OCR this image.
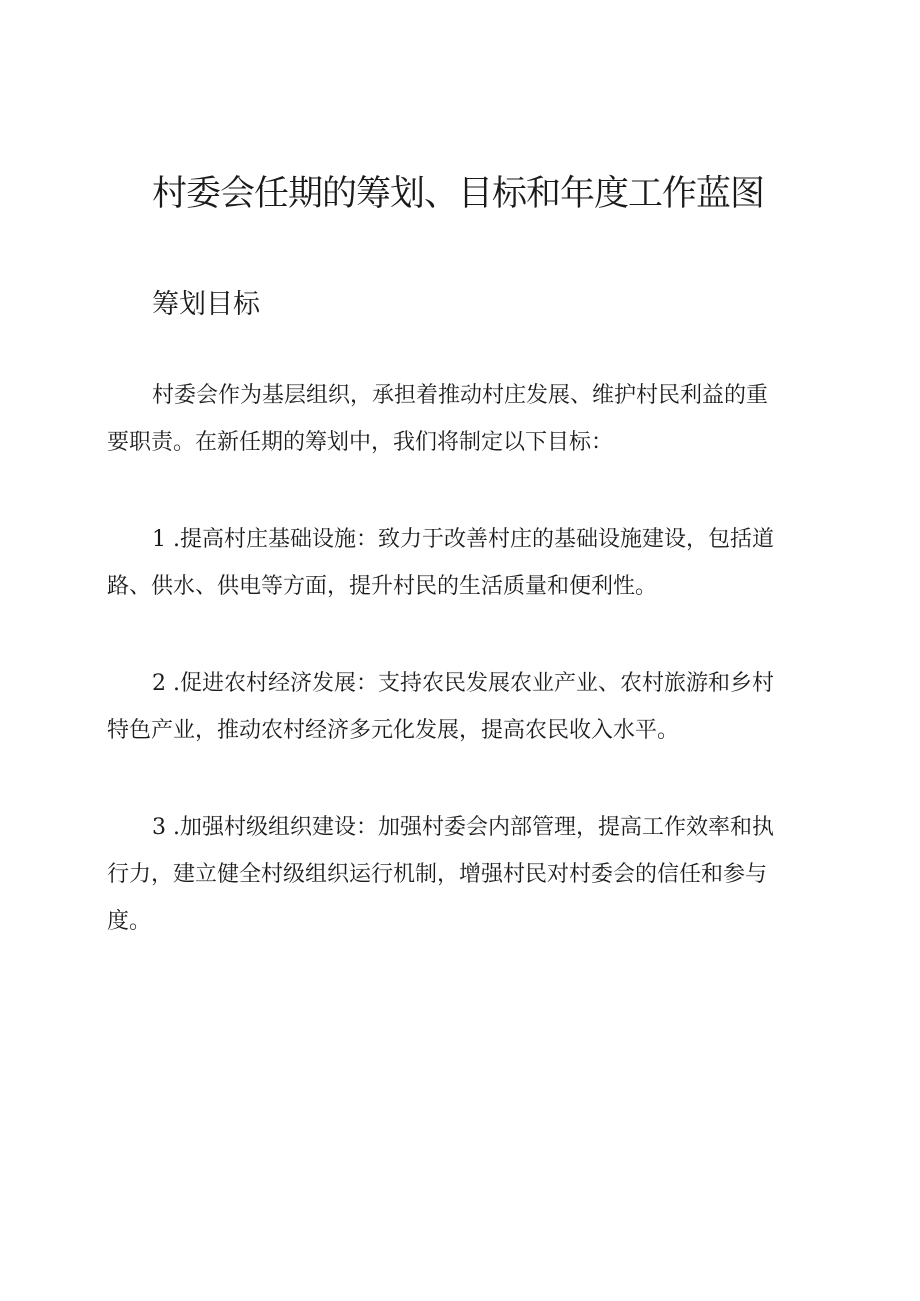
村委会任期的筹划、目标和年度工作蓝图
筹划目标

村委会作为基层组织，承担着推动村庄发展、维护村民利益的重
要职责。在新任期的筹划中，我们将制定以下目标：

1 .提高村庄基础设施：致力于改善村庄的基础设施建设，包括道
路、供水、供电等方面，提升村民的生活质量和便利性。

2 .促进农村经济发展：支持农民发展农业产业、农村旅游和乡村
特色产业，推动农村经济多元化发展，提高农民收入水平。

3 .加强村级组织建设：加强村委会内部管理，提高工作效率和执
行力，建立健全村级组织运行机制，增强村民对村委会的信任和参与
度。
